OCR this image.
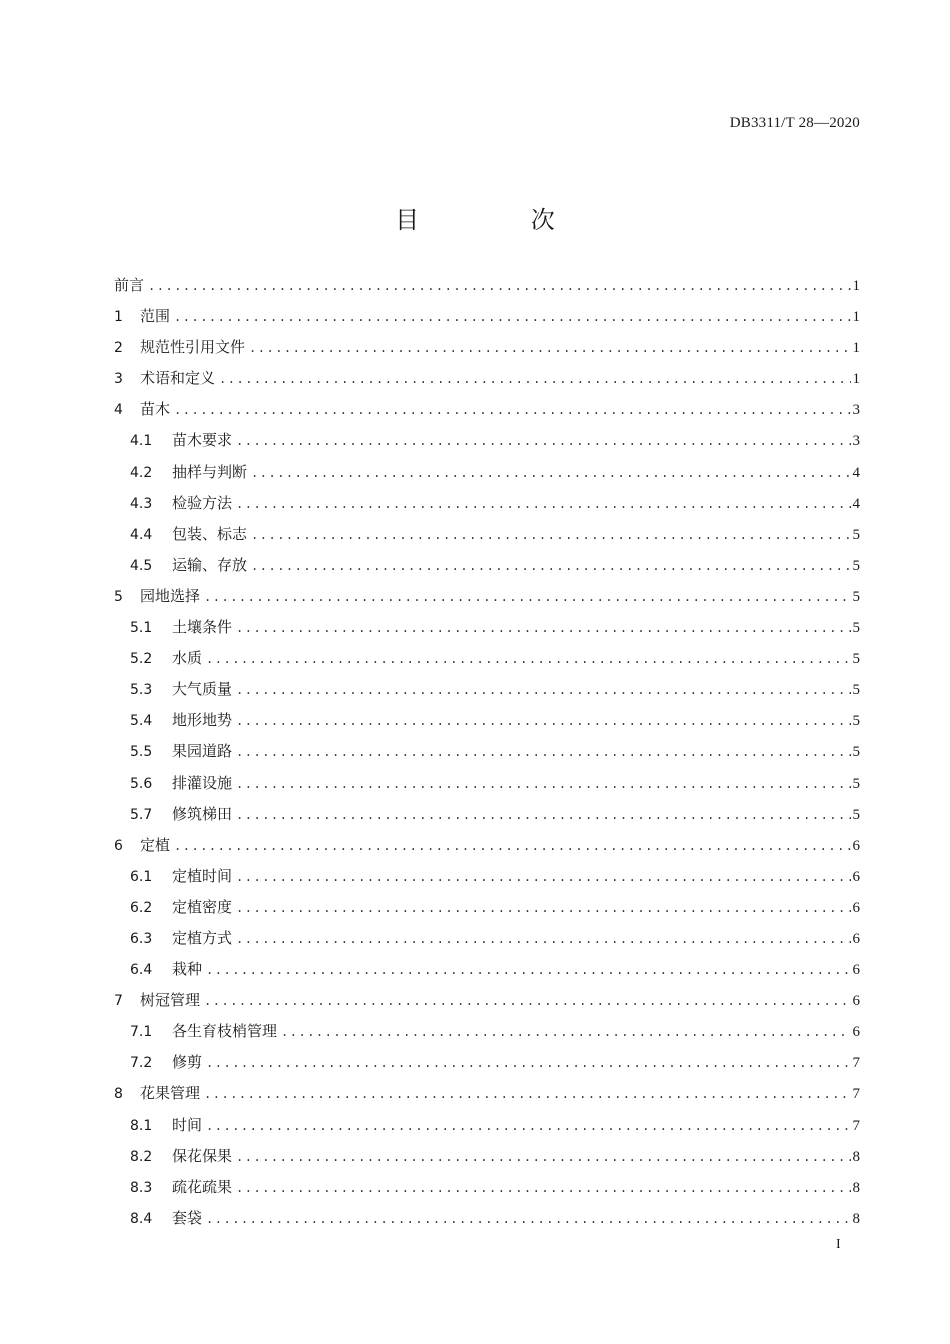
DB3311/T 28—2020
目 次
前言 .....	1
1	范围 .....	1
2	规范性引用文件 .....	1
3	术语和定义 .....	1
4	苗木 .....	3
4.1	苗木要求 .....	3
4.2	抽样与判断 .....	4
4.3	检验方法 .....	4
4.4	包装、标志 .....	5
4.5	运输、存放 .....	5
5	园地选择 .....	5
5.1	土壤条件 .....	5
5.2	水质 .....	5
5.3	大气质量 .....	5
5.4	地形地势 .....	5
5.5	果园道路 .....	5
5.6	排灌设施 .....	5
5.7	修筑梯田 .....	5
6	定植 .....	6
6.1	定植时间 .....	6
6.2	定植密度 .....	6
6.3	定植方式 .....	6
6.4	栽种 .....	6
7	树冠管理 .....	6
7.1	各生育枝梢管理 .....	6
7.2	修剪 .....	7
8	花果管理 .....	7
8.1	时间 .....	7
8.2	保花保果 .....	8
8.3	疏花疏果 .....	8
8.4	套袋 .....	8
I
